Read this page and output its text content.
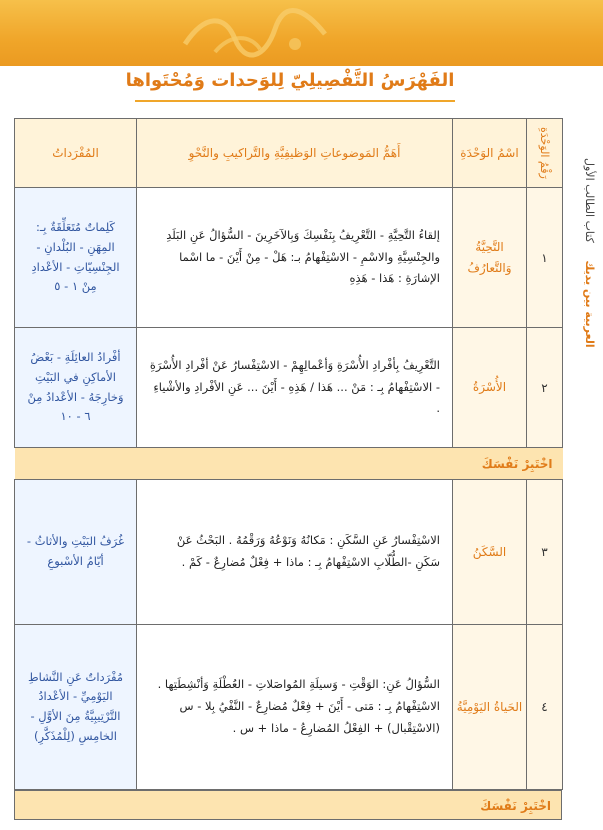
العربية بين يديك     كتاب الطالب الأول
الفَهْرَسُ التَّفْصِيلِيّ لِلوَحدات وَمُحْتَواها
رَقْمُ الوَحْدَةِ	اسْمُ الوَحْدَةِ	أَهَمُّ المَوضوعاتِ الوَظيفِيَّةِ والتَّراكيبِ والنَّحْوِ	المُفْرَداتُ
١	التَّحِيَّةُ وَالتَّعارُفُ	إلقاءُ التَّحِيَّةِ - التَّعْرِيفُ بِنَفْسِكَ وَبِالآخَرِينَ - السُّؤالُ عَنِ البَلَدِ والجِنْسِيَّةِ والاسْمِ - الاسْتِفْهامُ بـ: هَلْ - مِنْ أَيْنَ - ما اسْما الإشارَةِ : هَذا - هَذِهِ	كَلِماتٌ مُتَعَلِّقَةٌ بِـ: المِهَنِ - البُلْدانِ - الجِنْسِيّاتِ - الأعْدادِ مِنْ ١ - ٥
٢	الأُسْرَةُ	التَّعْرِيفُ بِأفْرادِ الأُسْرَةِ وَأعْمالِهِمْ - الاسْتِفْسارُ عَنْ أفْرادِ الأُسْرَةِ - الاسْتِفْهامُ بِـ : مَنْ ... هَذا / هَذِهِ - أَيْنَ ... عَنِ الأفْرادِ والأشْياءِ .	أفْرادُ العائِلَةِ - بَعْضُ الأماكِنِ في البَيْتِ وَخارِجَهُ - الأعْدادُ مِنْ ٦ - ١٠
اخْتَبِرْ نَفْسَكَ			
٣	السَّكَنُ	الاسْتِفْسارُ عَنِ السَّكَنِ : مَكانُهُ وَنَوْعُهُ وَرَقْمُهُ . البَحْثُ عَنْ سَكَنِ -الطُّلّابِ الاسْتِفْهامُ بِـ : ماذا + فِعْلٌ مُضارِعٌ - كَمْ .	غُرَفُ البَيْتِ والأثاثُ - أيّامُ الأسْبوعِ
٤	الحَياةُ اليَوْمِيَّةُ	السُّؤالُ عَنِ: الوَقْتِ - وَسيلَةِ المُواصَلاتِ - العُطْلَةِ وَأنْشِطَتِها . الاسْتِفْهامُ بِـ : مَتى - أَيْنَ + فِعْلٌ مُضارِعٌ - النَّفْيُ بِلا - س (الاسْتِقْبال) + الفِعْلُ المُضارِعُ - ماذا + س .	مُفْرَداتٌ عَنِ النَّشاطِ اليَوْمِيِّ - الأعْدادُ التَّرْتِيبِيَّةُ مِنَ الأوَّلِ - الخامِسِ (لِلْمُذَكَّرِ)
اخْتَبِرْ نَفْسَكَ
